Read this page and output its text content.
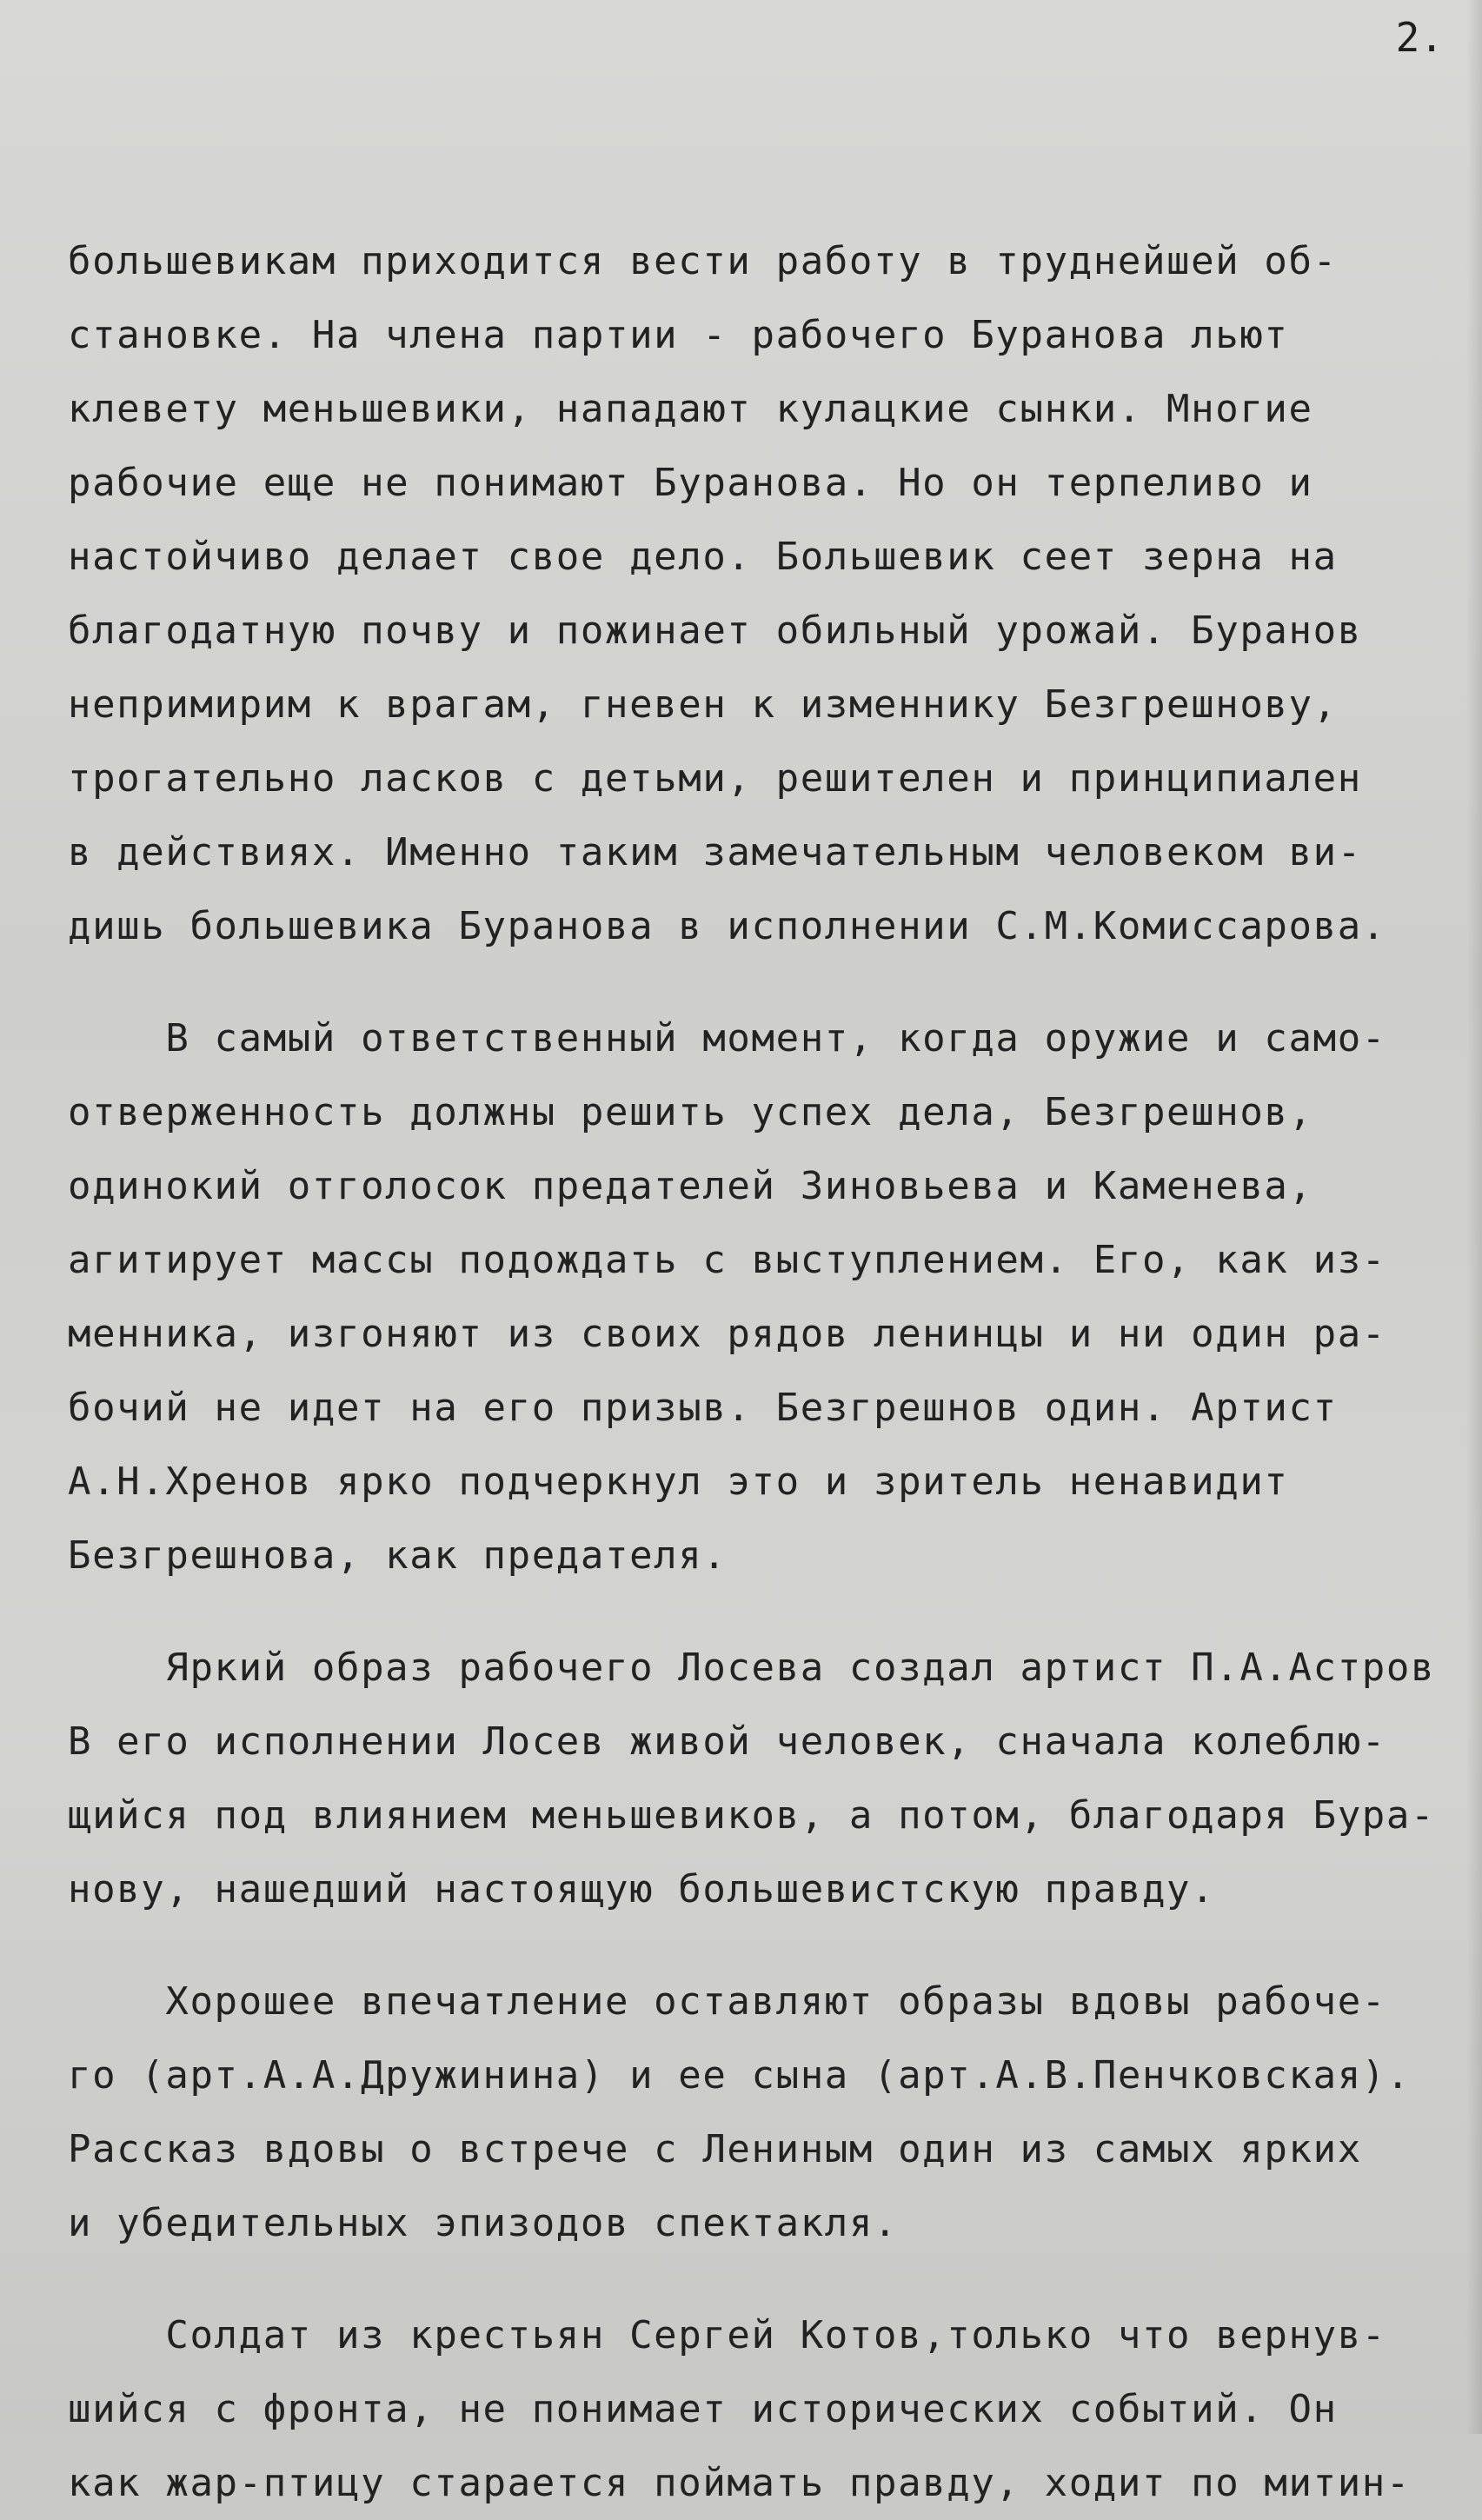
2.
большевикам приходится вести работу в труднейшей об-
становке. На члена партии - рабочего Буранова льют
клевету меньшевики, нападают кулацкие сынки. Многие
рабочие еще не понимают Буранова. Но он терпеливо и
настойчиво делает свое дело. Большевик сеет зерна на
благодатную почву и пожинает обильный урожай. Буранов
непримирим к врагам, гневен к изменнику Безгрешнову,
трогательно ласков с детьми, решителен и принципиален
в действиях. Именно таким замечательным человеком ви-
дишь большевика Буранова в исполнении С.М.Комиссарова.
В самый ответственный момент, когда оружие и само-
отверженность должны решить успех дела, Безгрешнов,
одинокий отголосок предателей Зиновьева и Каменева,
агитирует массы подождать с выступлением. Его, как из-
менника, изгоняют из своих рядов ленинцы и ни один ра-
бочий не идет на его призыв. Безгрешнов один. Артист
А.Н.Хренов ярко подчеркнул это и зритель ненавидит
Безгрешнова, как предателя.
Яркий образ рабочего Лосева создал артист П.А.Астров
В его исполнении Лосев живой человек, сначала колеблю-
щийся под влиянием меньшевиков, а потом, благодаря Бура-
нову, нашедший настоящую большевистскую правду.
Хорошее впечатление оставляют образы вдовы рабоче-
го (арт.А.А.Дружинина) и ее сына (арт.А.В.Пенчковская).
Рассказ вдовы о встрече с Лениным один из самых ярких
и убедительных эпизодов спектакля.
Солдат из крестьян Сергей Котов,только что вернув-
шийся с фронта, не понимает исторических событий. Он
как жар-птицу старается поймать правду, ходит по митин-
